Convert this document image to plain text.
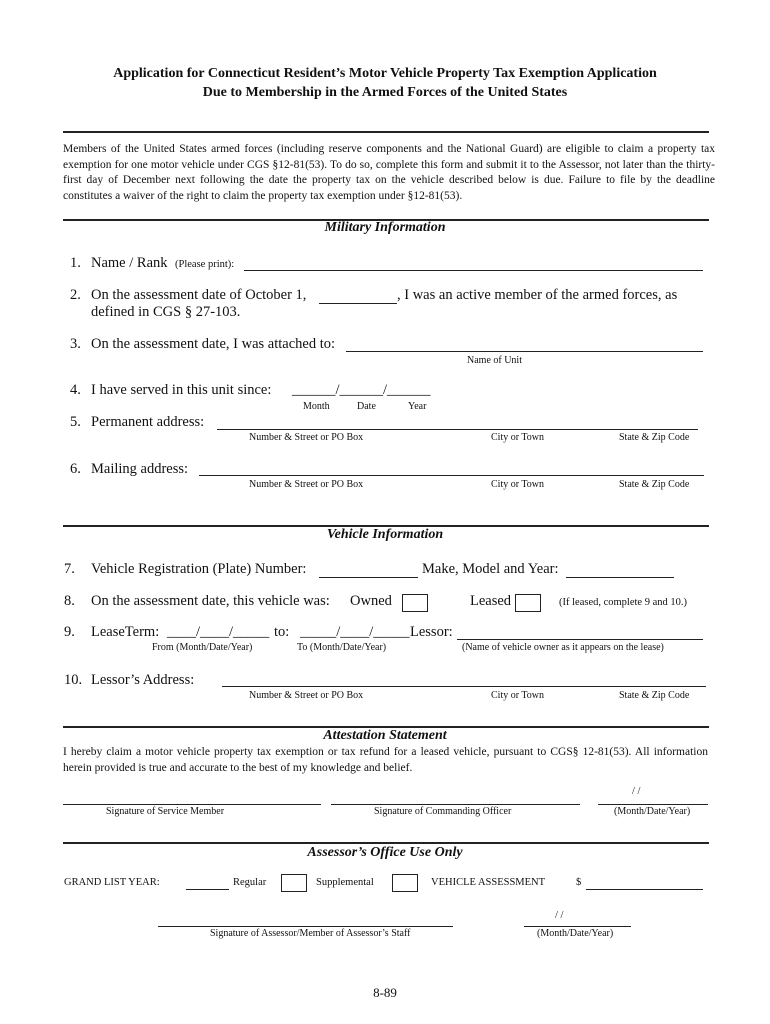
Application for Connecticut Resident’s Motor Vehicle Property Tax Exemption Application
Due to Membership in the Armed Forces of the United States
Members of the United States armed forces (including reserve components and the National Guard) are eligible to claim a property tax exemption for one motor vehicle under CGS §12-81(53). To do so, complete this form and submit it to the Assessor, not later than the thirty-first day of December next following the date the property tax on the vehicle described below is due. Failure to file by the deadline constitutes a waiver of the right to claim the property tax exemption under §12-81(53).
Military Information
1. Name / Rank (Please print):
2. On the assessment date of October 1,	, I was an active member of the armed forces, as
defined in CGS § 27-103.
3. On the assessment date, I was attached to:
Name of Unit
4. I have served in this unit since: ______/______/______
Month	Date	Year
5. Permanent address:
Number & Street or PO Box	City or Town	State & Zip Code
6. Mailing address:
Number & Street or PO Box	City or Town	State & Zip Code
Vehicle Information
7. Vehicle Registration (Plate) Number:	Make, Model and Year:
8. On the assessment date, this vehicle was: Owned	Leased	(If leased, complete 9 and 10.)
9. LeaseTerm: ____/____/_____ to: _____/____/_____ Lessor:
From (Month/Date/Year)	To (Month/Date/Year)	(Name of vehicle owner as it appears on the lease)
10. Lessor’s Address:
Number & Street or PO Box	City or Town	State & Zip Code
Attestation Statement
I hereby claim a motor vehicle property tax exemption or tax refund for a leased vehicle, pursuant to CGS§ 12-81(53). All information herein provided is true and accurate to the best of my knowledge and belief.
/ /
Signature of Service Member	Signature of Commanding Officer	(Month/Date/Year)
Assessor’s Office Use Only
GRAND LIST YEAR:	Regular	Supplemental	VEHICLE ASSESSMENT	$
/ /
Signature of Assessor/Member of Assessor’s Staff	(Month/Date/Year)
8-89
